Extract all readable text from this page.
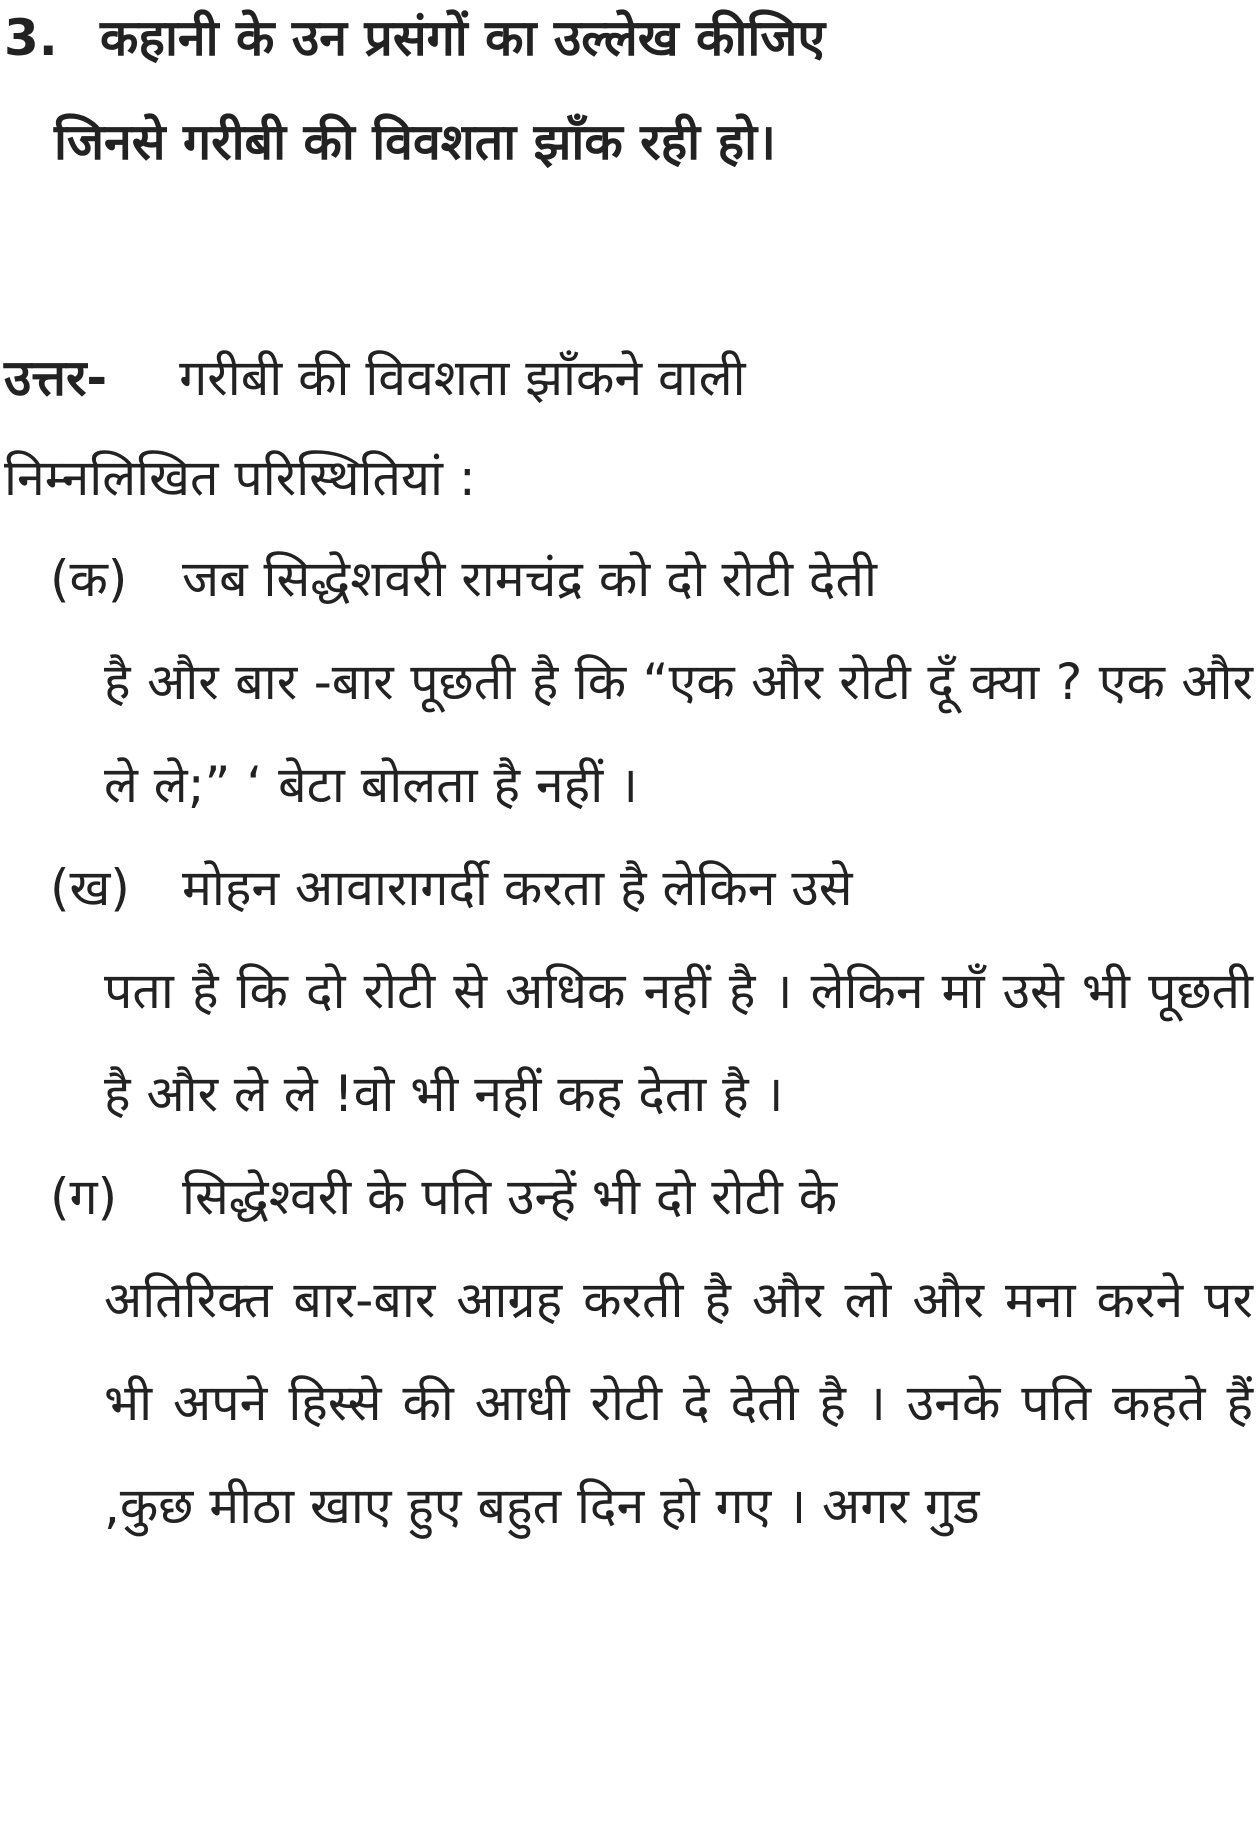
3. कहानी के उन प्रसंगों का उल्लेख कीजिए
जिनसे गरीबी की विवशता झाँक रही हो।
उत्तर- गरीबी की विवशता झाँकने वाली
निम्नलिखित परिस्थितियां :
(क)	जब सिद्धेशवरी रामचंद्र को दो रोटी देती
है और बार -बार पूछती है कि “एक और रोटी दूँ क्या ? एक और ले ले;” ‘ बेटा बोलता है नहीं ।
(ख)	मोहन आवारागर्दी करता है लेकिन उसे
पता है कि दो रोटी से अधिक नहीं है । लेकिन माँ उसे भी पूछती है और ले ले !वो भी नहीं कह देता है ।
(ग)	सिद्धेश्वरी के पति उन्हें भी दो रोटी के
अतिरिक्त बार-बार आग्रह करती है और लो और मना करने पर भी अपने हिस्से की आधी रोटी दे देती है । उनके पति कहते हैं ,कुछ मीठा खाए हुए बहुत दिन हो गए । अगर गुड
